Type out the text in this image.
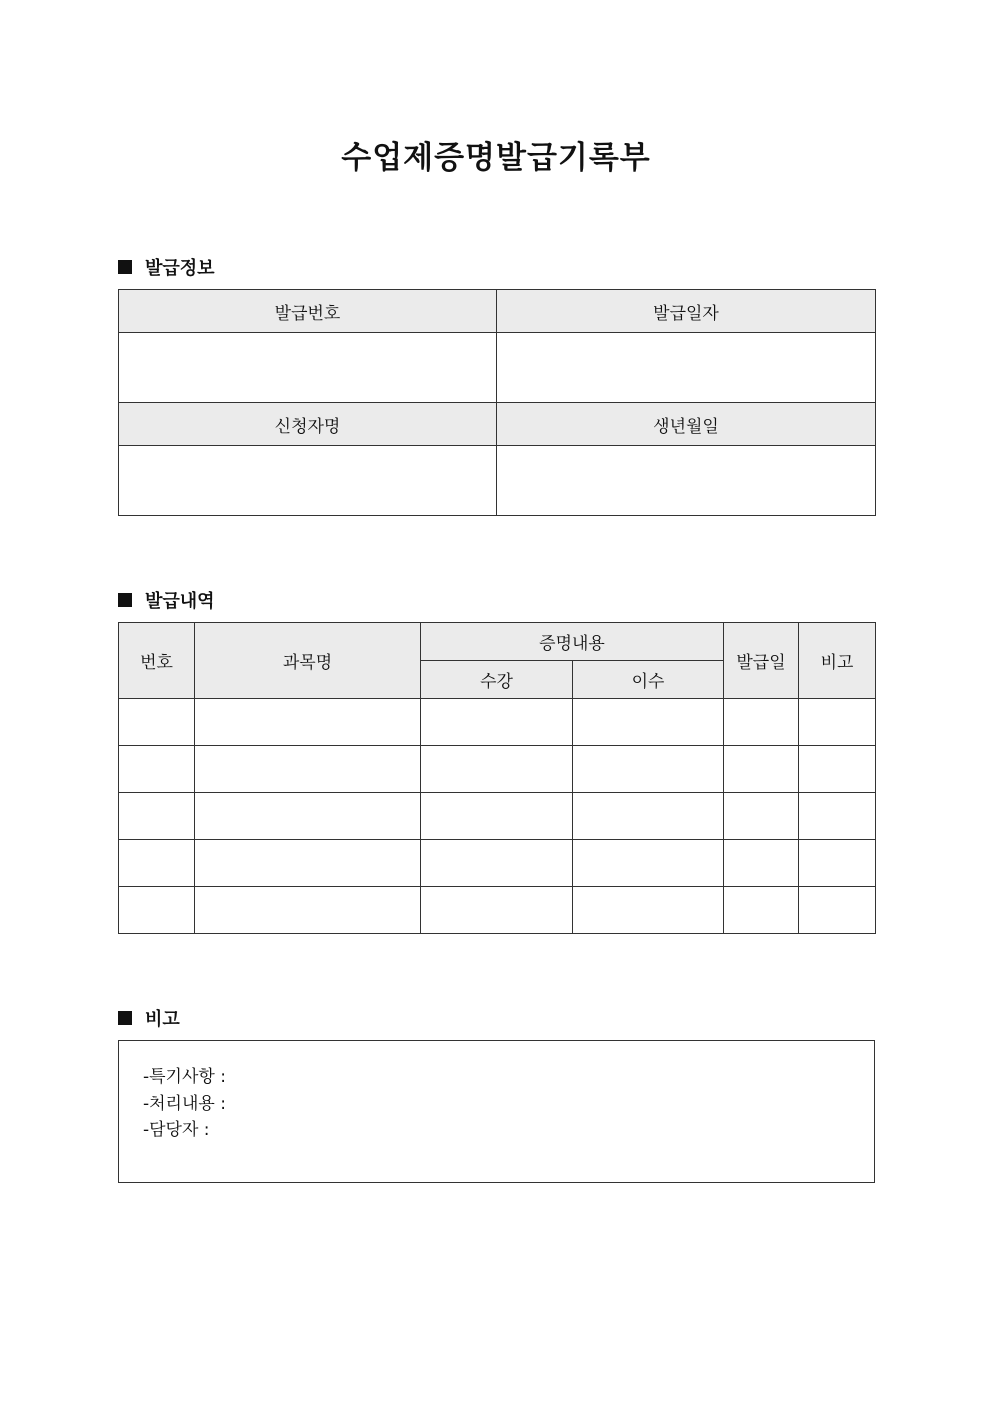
수업제증명발급기록부
발급정보
발급번호	발급일자

신청자명	생년월일

발급내역
번호	과목명	증명내용		발급일	비고
		수강	이수		

비고
-특기사항 :
-처리내용 :
-담당자 :
